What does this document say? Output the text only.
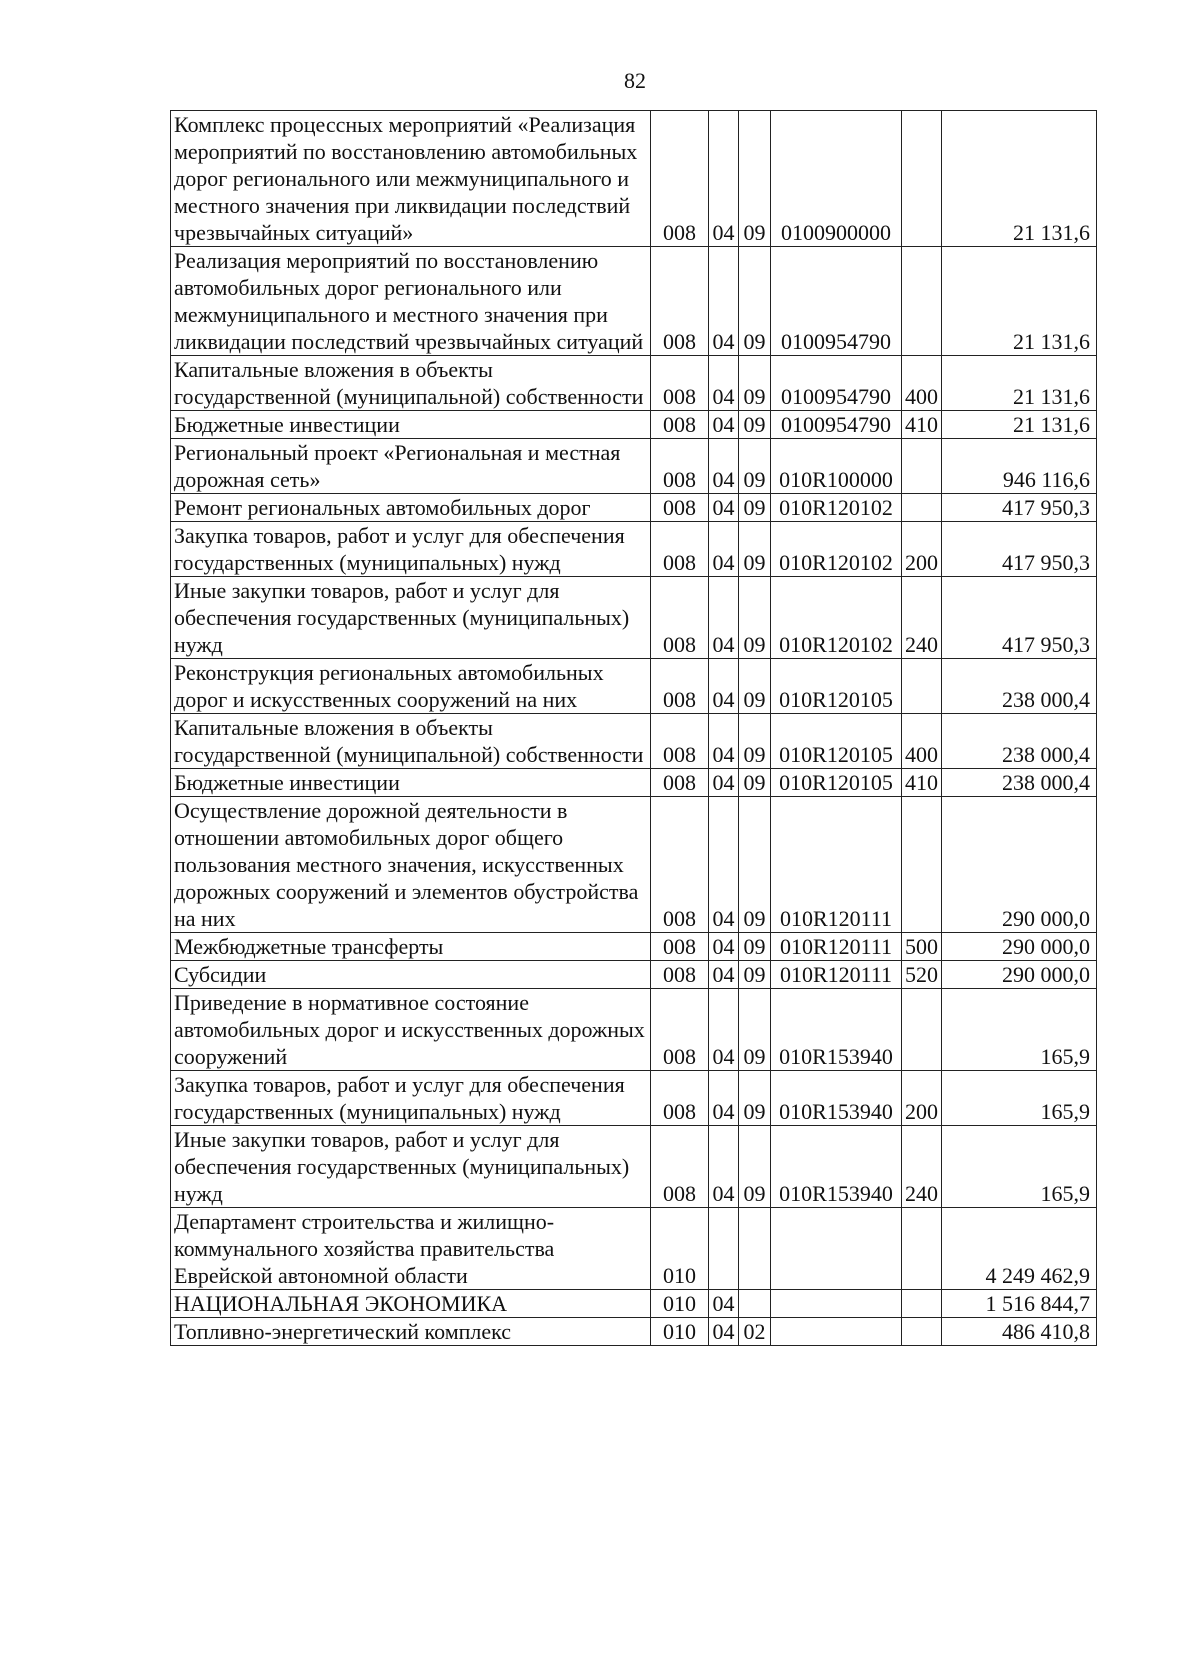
82
Комплекс процессных мероприятий «Реализация мероприятий по восстановлению автомобильных дорог регионального или межмуниципального и местного значения при ликвидации последствий чрезвычайных ситуаций»	008	04	09	0100900000		21 131,6
Реализация мероприятий по восстановлению автомобильных дорог регионального или межмуниципального и местного значения при ликвидации последствий чрезвычайных ситуаций	008	04	09	0100954790		21 131,6
Капитальные вложения в объекты государственной (муниципальной) собственности	008	04	09	0100954790	400	21 131,6
Бюджетные инвестиции	008	04	09	0100954790	410	21 131,6
Региональный проект «Региональная и местная дорожная сеть»	008	04	09	010R100000		946 116,6
Ремонт региональных автомобильных дорог	008	04	09	010R120102		417 950,3
Закупка товаров, работ и услуг для обеспечения государственных (муниципальных) нужд	008	04	09	010R120102	200	417 950,3
Иные закупки товаров, работ и услуг для обеспечения государственных (муниципальных) нужд	008	04	09	010R120102	240	417 950,3
Реконструкция региональных автомобильных дорог и искусственных сооружений на них	008	04	09	010R120105		238 000,4
Капитальные вложения в объекты государственной (муниципальной) собственности	008	04	09	010R120105	400	238 000,4
Бюджетные инвестиции	008	04	09	010R120105	410	238 000,4
Осуществление дорожной деятельности в отношении автомобильных дорог общего пользования местного значения, искусственных дорожных сооружений и элементов обустройства на них	008	04	09	010R120111		290 000,0
Межбюджетные трансферты	008	04	09	010R120111	500	290 000,0
Субсидии	008	04	09	010R120111	520	290 000,0
Приведение в нормативное состояние автомобильных дорог и искусственных дорожных сооружений	008	04	09	010R153940		165,9
Закупка товаров, работ и услуг для обеспечения государственных (муниципальных) нужд	008	04	09	010R153940	200	165,9
Иные закупки товаров, работ и услуг для обеспечения государственных (муниципальных) нужд	008	04	09	010R153940	240	165,9
Департамент строительства и жилищно-коммунального хозяйства правительства Еврейской автономной области	010					4 249 462,9
НАЦИОНАЛЬНАЯ ЭКОНОМИКА	010	04				1 516 844,7
Топливно-энергетический комплекс	010	04	02			486 410,8
